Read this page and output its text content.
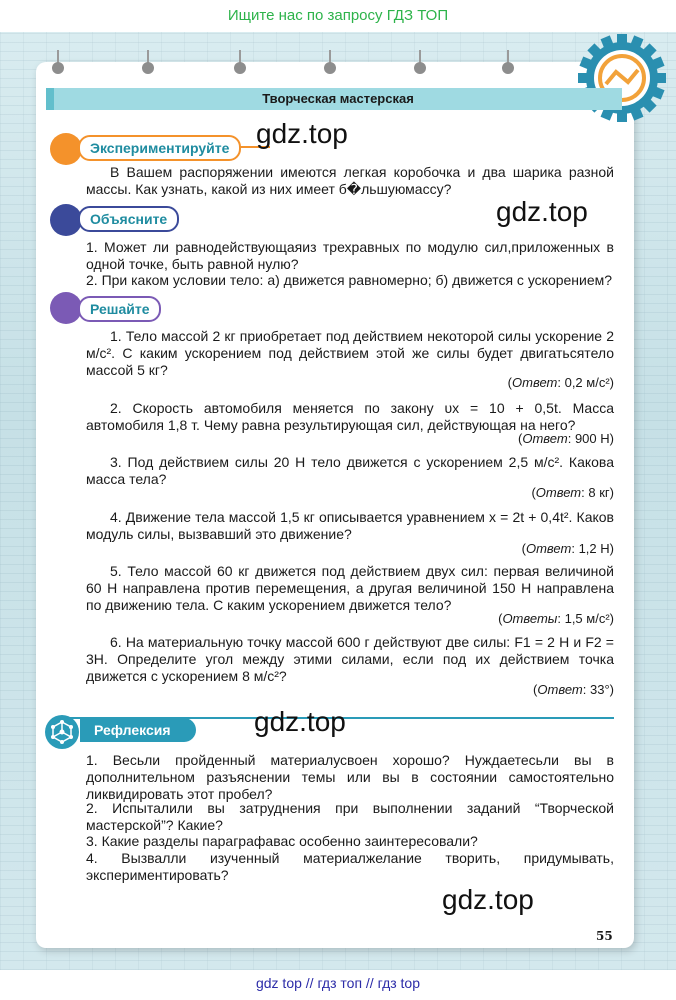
Ищите нас по запросу ГДЗ ТОП
Творческая мастерская
Экспериментируйте
В Вашем распоряжении имеются легкая коробочка и два шарика разной массы. Как узнать, какой из них имеет б�льшуюмассу?
Объясните
1. Может ли равнодействующаяиз трехравных по модулю сил,приложенных в одной точке, быть равной нулю?
2. При каком условии тело: а) движется равномерно; б) движется с ускорением?
Решайте
1. Тело массой 2 кг приобретает под действием некоторой силы ускорение 2 м/с². С каким ускорением под действием этой же силы будет двигатьсятело массой 5 кг?
(Ответ: 0,2 м/с²)
2. Скорость автомобиля меняется по закону υx = 10 + 0,5t. Масса автомобиля 1,8 т. Чему равна результирующая сил, действующая на него?
(Ответ: 900 Н)
3. Под действием силы 20 Н тело движется с ускорением 2,5 м/с². Какова масса тела?
(Ответ: 8 кг)
4. Движение тела массой 1,5 кг описывается уравнением x = 2t + 0,4t². Каков модуль силы, вызвавший это движение?
(Ответ: 1,2 Н)
5. Тело массой 60 кг движется под действием двух сил: первая величиной 60 Н направлена против перемещения, а другая величиной 150 Н направлена по движению тела. С каким ускорением движется тело?
(Ответы: 1,5 м/с²)
6. На материальную точку массой 600 г действуют две силы: F1 = 2 Н и F2 = 3Н. Определите угол между этими силами, если под их действием точка движется с ускорением 8 м/с²?
(Ответ: 33°)
Рефлексия
1. Весьли пройденный материалусвоен хорошо? Нуждаетесьли вы в дополнительном разъяснении темы или вы в состоянии самостоятельно ликвидировать этот пробел?
2. Испыталили вы затруднения при выполнении заданий “Творческой мастерской”? Какие?
3. Какие разделы параграфавас особенно заинтересовали?
4. Вызвалли изученный материалжелание творить, придумывать, экспериментировать?
gdz.top
gdz.top
gdz.top
gdz.top
55
gdz top // гдз топ // гдз top
